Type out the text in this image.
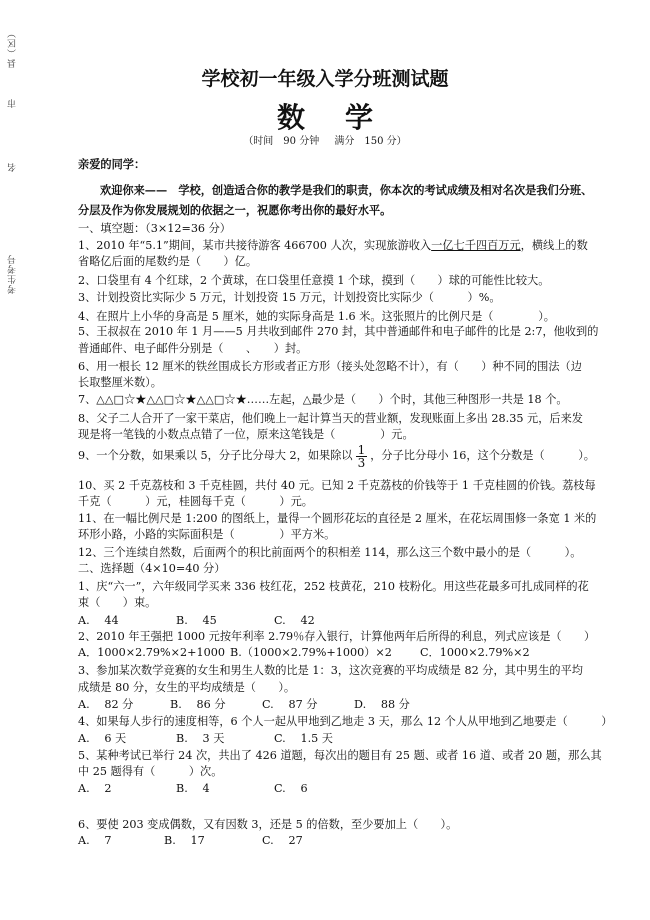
县（区）
市
名
考生考号
学校初一年级入学分班测试题
数学
（时间　90 分钟 满分　150 分）
亲爱的同学：
欢迎你来——　学校，创造适合你的教学是我们的职责，你本次的考试成绩及相对名次是我们分班、
分层及作为你发展规划的依据之一，祝愿你考出你的最好水平。
一、填空题：（3×12=36 分）
1、2010 年“5.1”期间，某市共接待游客 466700 人次，实现旅游收入一亿七千四百万元，横线上的数
省略亿后面的尾数约是（　　）亿。
2、口袋里有 4 个红球，2 个黄球，在口袋里任意摸 1 个球，摸到（　　）球的可能性比较大。
3、计划投资比实际少 5 万元，计划投资 15 万元，计划投资比实际少（　　　）%。
4、在照片上小华的身高是 5 厘米，她的实际身高是 1.6 米。这张照片的比例尺是（　　　　）。
5、王叔叔在 2010 年 1 月——5 月共收到邮件 270 封，其中普通邮件和电子邮件的比是 2:7，他收到的
普通邮件、电子邮件分别是（　　、　　）封。
6、用一根长 12 厘米的铁丝围成长方形或者正方形（接头处忽略不计），有（　　）种不同的围法（边
长取整厘米数）。
7、△△□☆★△△□☆★△△□☆★……左起，△最少是（　　）个时，其他三种图形一共是 18 个。
8、父子二人合开了一家干菜店，他们晚上一起计算当天的营业额，发现账面上多出 28.35 元，后来发
现是将一笔钱的小数点点错了一位，原来这笔钱是（　　　　）元。
9、一个分数，如果乘以 5，分子比分母大 2，如果除以 $\frac{1}{3}$ ，分子比分母小 16，这个分数是（　　　）。
10、买 2 千克荔枝和 3 千克桂圆，共付 40 元。已知 2 千克荔枝的价钱等于 1 千克桂圆的价钱。荔枝每
千克（　　　）元，桂圆每千克（　　　）元。
11、在一幅比例尺是 1:200 的图纸上，量得一个圆形花坛的直径是 2 厘米，在花坛周围修一条宽 1 米的
环形小路，小路的实际面积是（　　　　）平方米。
12、三个连续自然数，后面两个的积比前面两个的积相差 114，那么这三个数中最小的是（　　　）。
二、选择题（4×10=40 分）
1、庆“六一”，六年级同学买来 336 枝红花，252 枝黄花，210 枝粉化。用这些花最多可扎成同样的花
束（　　）束。
A.　 44	B.　 45	C.　 42
2、2010 年王强把 1000 元按年利率 2.79％存入银行，计算他两年后所得的利息，列式应该是（　　）
A．1000×2.79%×2+1000 B.（1000×2.79%+1000）×2	C．1000×2.79%×2
3、参加某次数学竞赛的女生和男生人数的比是 1：3，这次竞赛的平均成绩是 82 分，其中男生的平均
成绩是 80 分，女生的平均成绩是（　　）。
A.　 82 分	B.　 86 分	C.　 87 分	D.　 88 分
4、如果每人步行的速度相等，6 个人一起从甲地到乙地走 3 天，那么 12 个人从甲地到乙地要走（　　　）
A.　 6 天	B.　 3 天	C.　 1.5 天
5、某种考试已举行 24 次，共出了 426 道题，每次出的题目有 25 题、或者 16 道、或者 20 题，那么其
中 25 题得有（　　　）次。
A.　 2	B.　 4	C.　 6
6、要使 203 变成偶数，又有因数 3，还是 5 的倍数，至少要加上（　　）。
A.　 7	B.　 17	C.　 27
